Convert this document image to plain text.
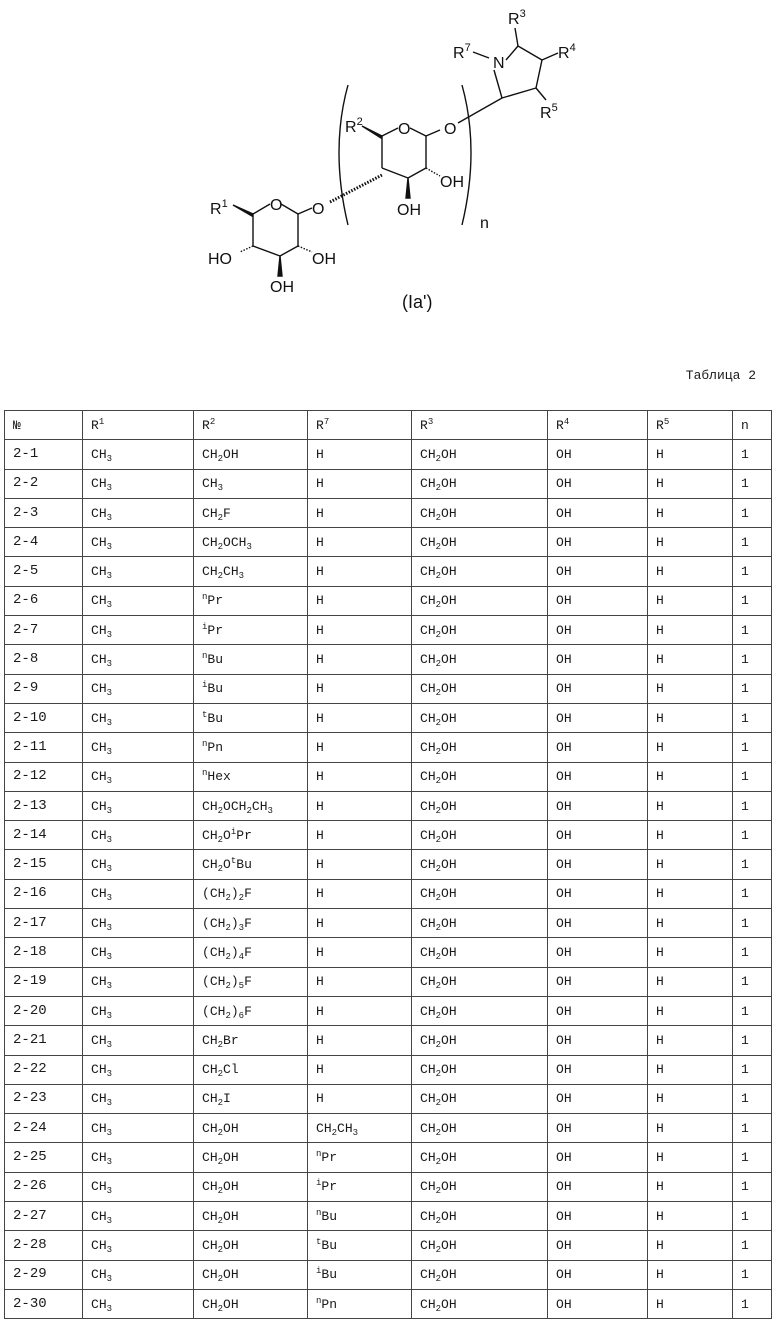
R1	O O
HO	OH
OH
R2 O O
OH
OH
n
N
R7
R3
R4
R5
(Ia')
Таблица 2
№	R1	R2	R7	R3	R4	R5	n
2-1	CH3	CH2OH	H	CH2OH	OH	H	1
2-2	CH3	CH3	H	CH2OH	OH	H	1
2-3	CH3	CH2F	H	CH2OH	OH	H	1
2-4	CH3	CH2OCH3	H	CH2OH	OH	H	1
2-5	CH3	CH2CH3	H	CH2OH	OH	H	1
2-6	CH3	nPr	H	CH2OH	OH	H	1
2-7	CH3	iPr	H	CH2OH	OH	H	1
2-8	CH3	nBu	H	CH2OH	OH	H	1
2-9	CH3	iBu	H	CH2OH	OH	H	1
2-10	CH3	tBu	H	CH2OH	OH	H	1
2-11	CH3	nPn	H	CH2OH	OH	H	1
2-12	CH3	nHex	H	CH2OH	OH	H	1
2-13	CH3	CH2OCH2CH3	H	CH2OH	OH	H	1
2-14	CH3	CH2OiPr	H	CH2OH	OH	H	1
2-15	CH3	CH2OtBu	H	CH2OH	OH	H	1
2-16	CH3	(CH2)2F	H	CH2OH	OH	H	1
2-17	CH3	(CH2)3F	H	CH2OH	OH	H	1
2-18	CH3	(CH2)4F	H	CH2OH	OH	H	1
2-19	CH3	(CH2)5F	H	CH2OH	OH	H	1
2-20	CH3	(CH2)6F	H	CH2OH	OH	H	1
2-21	CH3	CH2Br	H	CH2OH	OH	H	1
2-22	CH3	CH2Cl	H	CH2OH	OH	H	1
2-23	CH3	CH2I	H	CH2OH	OH	H	1
2-24	CH3	CH2OH	CH2CH3	CH2OH	OH	H	1
2-25	CH3	CH2OH	nPr	CH2OH	OH	H	1
2-26	CH3	CH2OH	iPr	CH2OH	OH	H	1
2-27	CH3	CH2OH	nBu	CH2OH	OH	H	1
2-28	CH3	CH2OH	tBu	CH2OH	OH	H	1
2-29	CH3	CH2OH	iBu	CH2OH	OH	H	1
2-30	CH3	CH2OH	nPn	CH2OH	OH	H	1
